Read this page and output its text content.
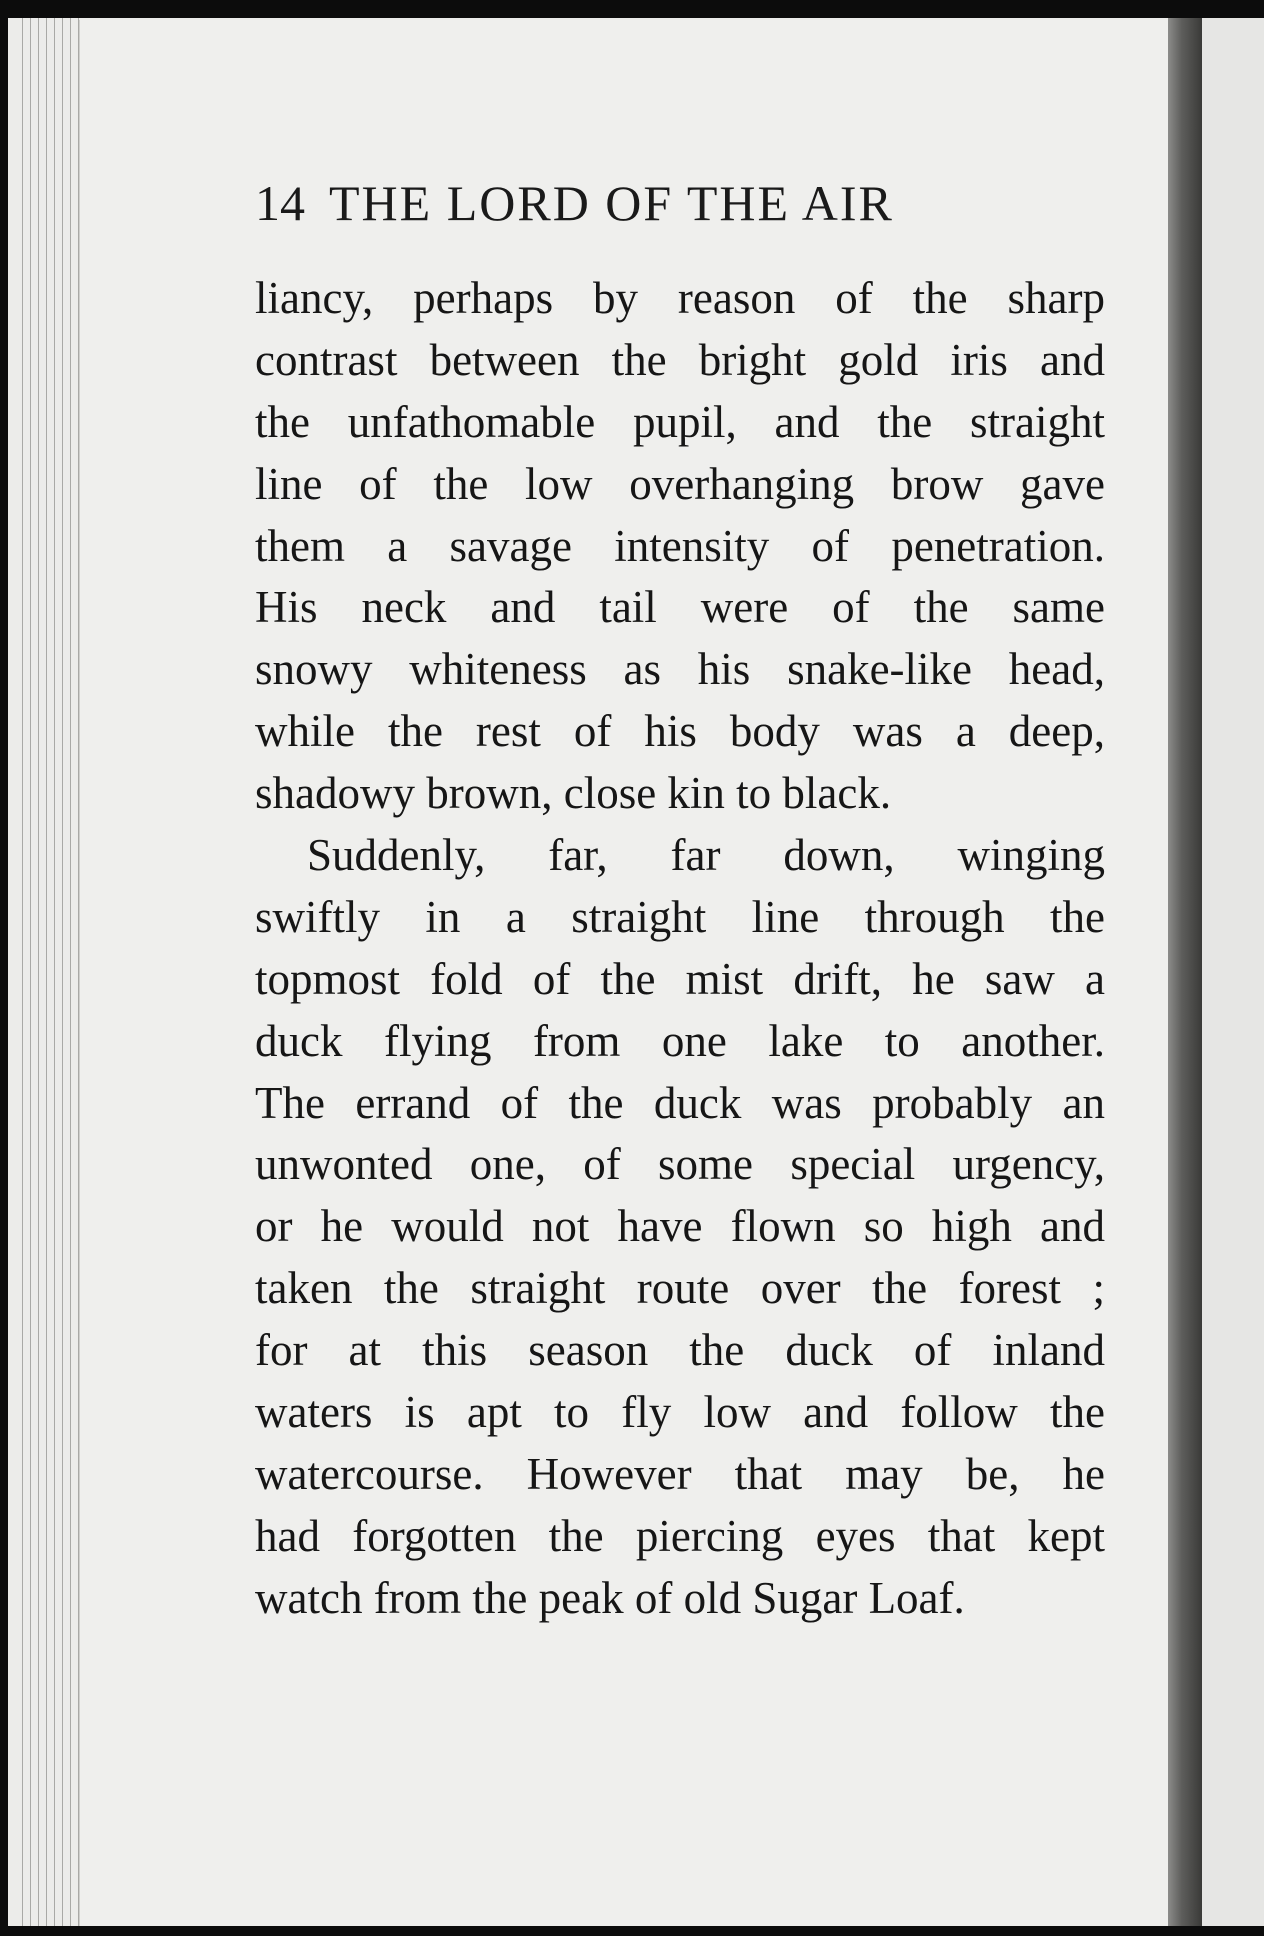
14 THE LORD OF THE AIR
liancy, perhaps by reason of the sharp
contrast between the bright gold iris and
the unfathomable pupil, and the straight
line of the low overhanging brow gave
them a savage intensity of penetration.
His neck and tail were of the same
snowy whiteness as his snake-like head,
while the rest of his body was a deep,
shadowy brown, close kin to black.
Suddenly, far, far down, winging
swiftly in a straight line through the
topmost fold of the mist drift, he saw a
duck flying from one lake to another.
The errand of the duck was probably an
unwonted one, of some special urgency,
or he would not have flown so high and
taken the straight route over the forest ;
for at this season the duck of inland
waters is apt to fly low and follow the
watercourse. However that may be, he
had forgotten the piercing eyes that kept
watch from the peak of old Sugar Loaf.
